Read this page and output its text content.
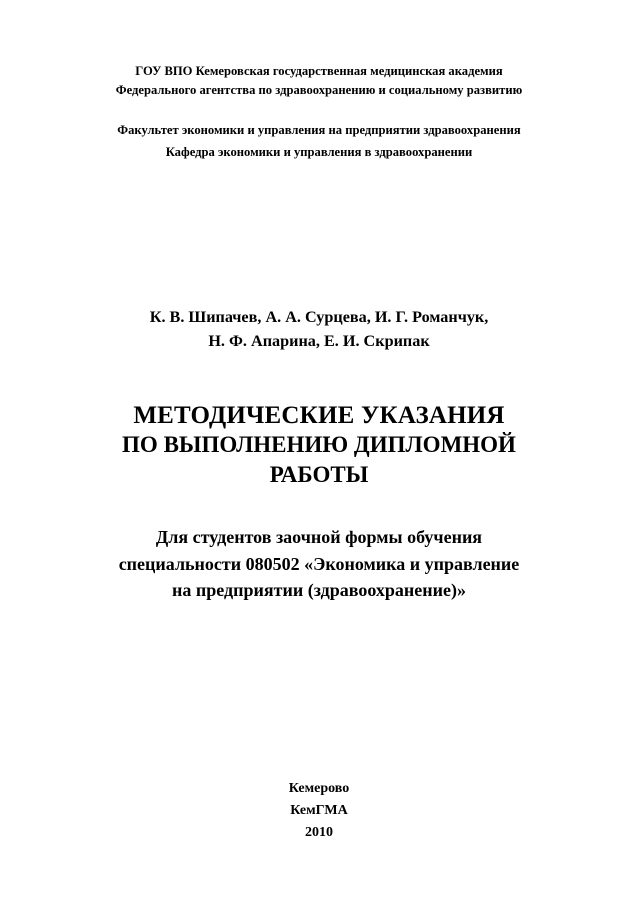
ГОУ ВПО Кемеровская государственная медицинская академия
Федерального агентства по здравоохранению и социальному развитию
Факультет экономики и управления на предприятии здравоохранения
Кафедра экономики и управления в здравоохранении
К. В. Шипачев, А. А. Сурцева, И. Г. Романчук,
Н. Ф. Апарина, Е. И. Скрипак
МЕТОДИЧЕСКИЕ УКАЗАНИЯ
ПО ВЫПОЛНЕНИЮ ДИПЛОМНОЙ
РАБОТЫ
Для студентов заочной формы обучения
специальности 080502 «Экономика и управление
на предприятии (здравоохранение)»
Кемерово
КемГМА
2010
